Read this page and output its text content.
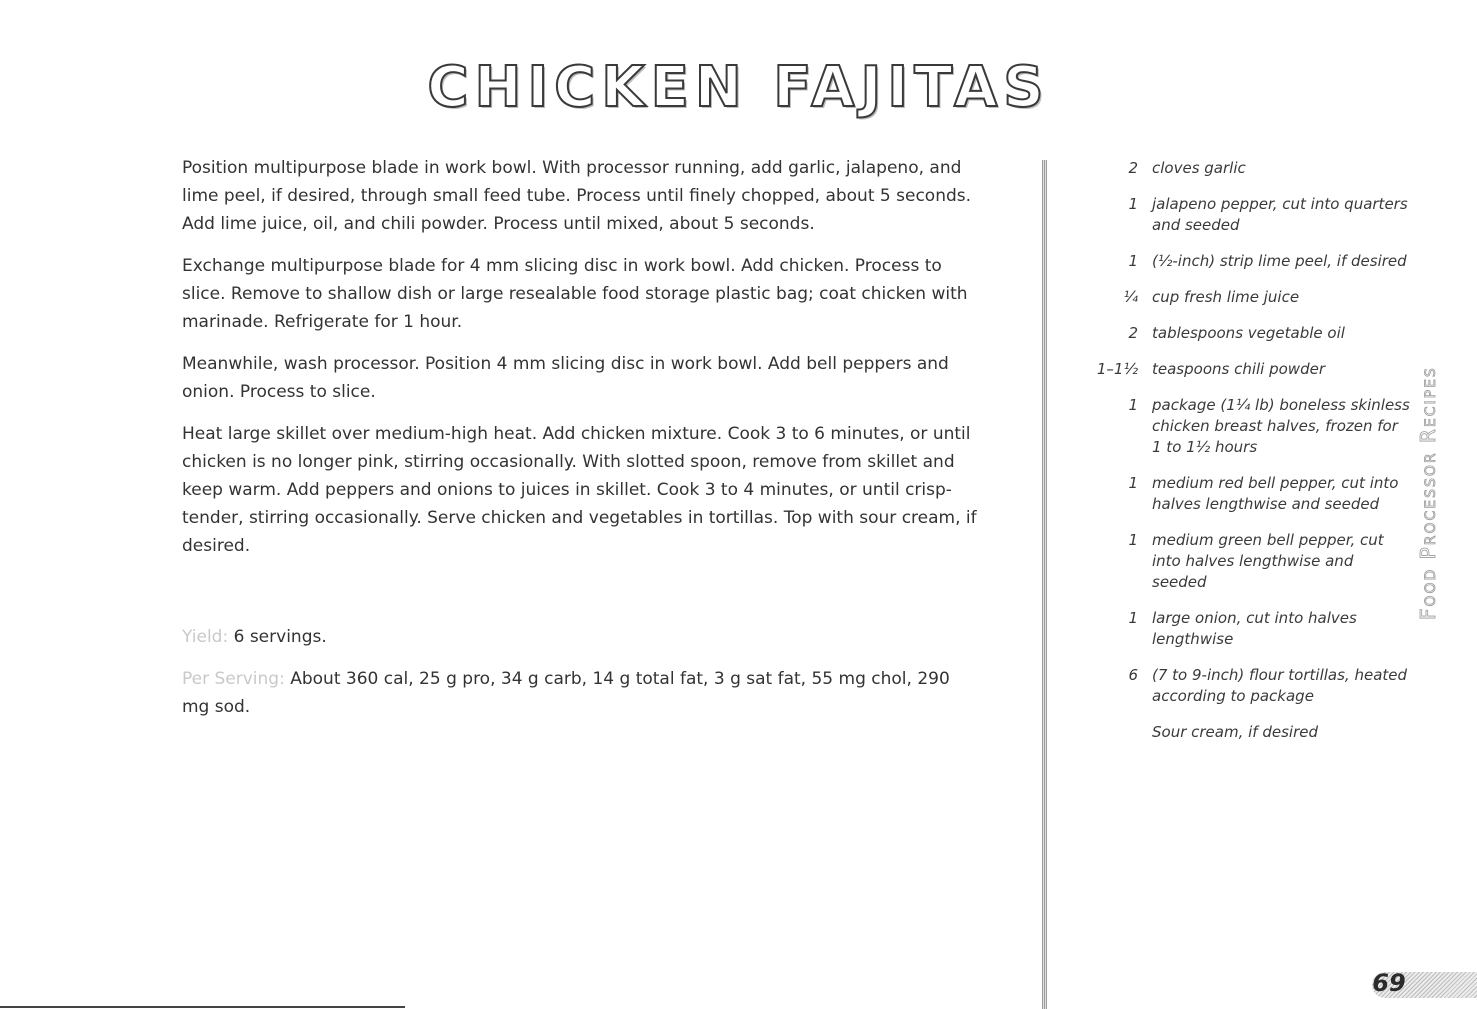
CHICKEN FAJITAS

Position multipurpose blade in work bowl. With processor running, add garlic, jalapeno, and lime peel, if desired, through small feed tube. Process until finely chopped, about 5 seconds. Add lime juice, oil, and chili powder. Process until mixed, about 5 seconds.

Exchange multipurpose blade for 4 mm slicing disc in work bowl. Add chicken. Process to slice. Remove to shallow dish or large resealable food storage plastic bag; coat chicken with marinade. Refrigerate for 1 hour.

Meanwhile, wash processor. Position 4 mm slicing disc in work bowl. Add bell peppers and onion. Process to slice.

Heat large skillet over medium-high heat. Add chicken mixture. Cook 3 to 6 minutes, or until chicken is no longer pink, stirring occasionally. With slotted spoon, remove from skillet and keep warm. Add peppers and onions to juices in skillet. Cook 3 to 4 minutes, or until crisp-tender, stirring occasionally. Serve chicken and vegetables in tortillas. Top with sour cream, if desired.

Yield: 6 servings.

Per Serving: About 360 cal, 25 g pro, 34 g carb, 14 g total fat, 3 g sat fat, 55 mg chol, 290 mg sod.

2 cloves garlic
1 jalapeno pepper, cut into quarters and seeded
1 (½-inch) strip lime peel, if desired
¼ cup fresh lime juice
2 tablespoons vegetable oil
1–1½ teaspoons chili powder
1 package (1¼ lb) boneless skinless chicken breast halves, frozen for 1 to 1½ hours
1 medium red bell pepper, cut into halves lengthwise and seeded
1 medium green bell pepper, cut into halves lengthwise and seeded
1 large onion, cut into halves lengthwise
6 (7 to 9-inch) flour tortillas, heated according to package
Sour cream, if desired
Food Processor Recipes
69
